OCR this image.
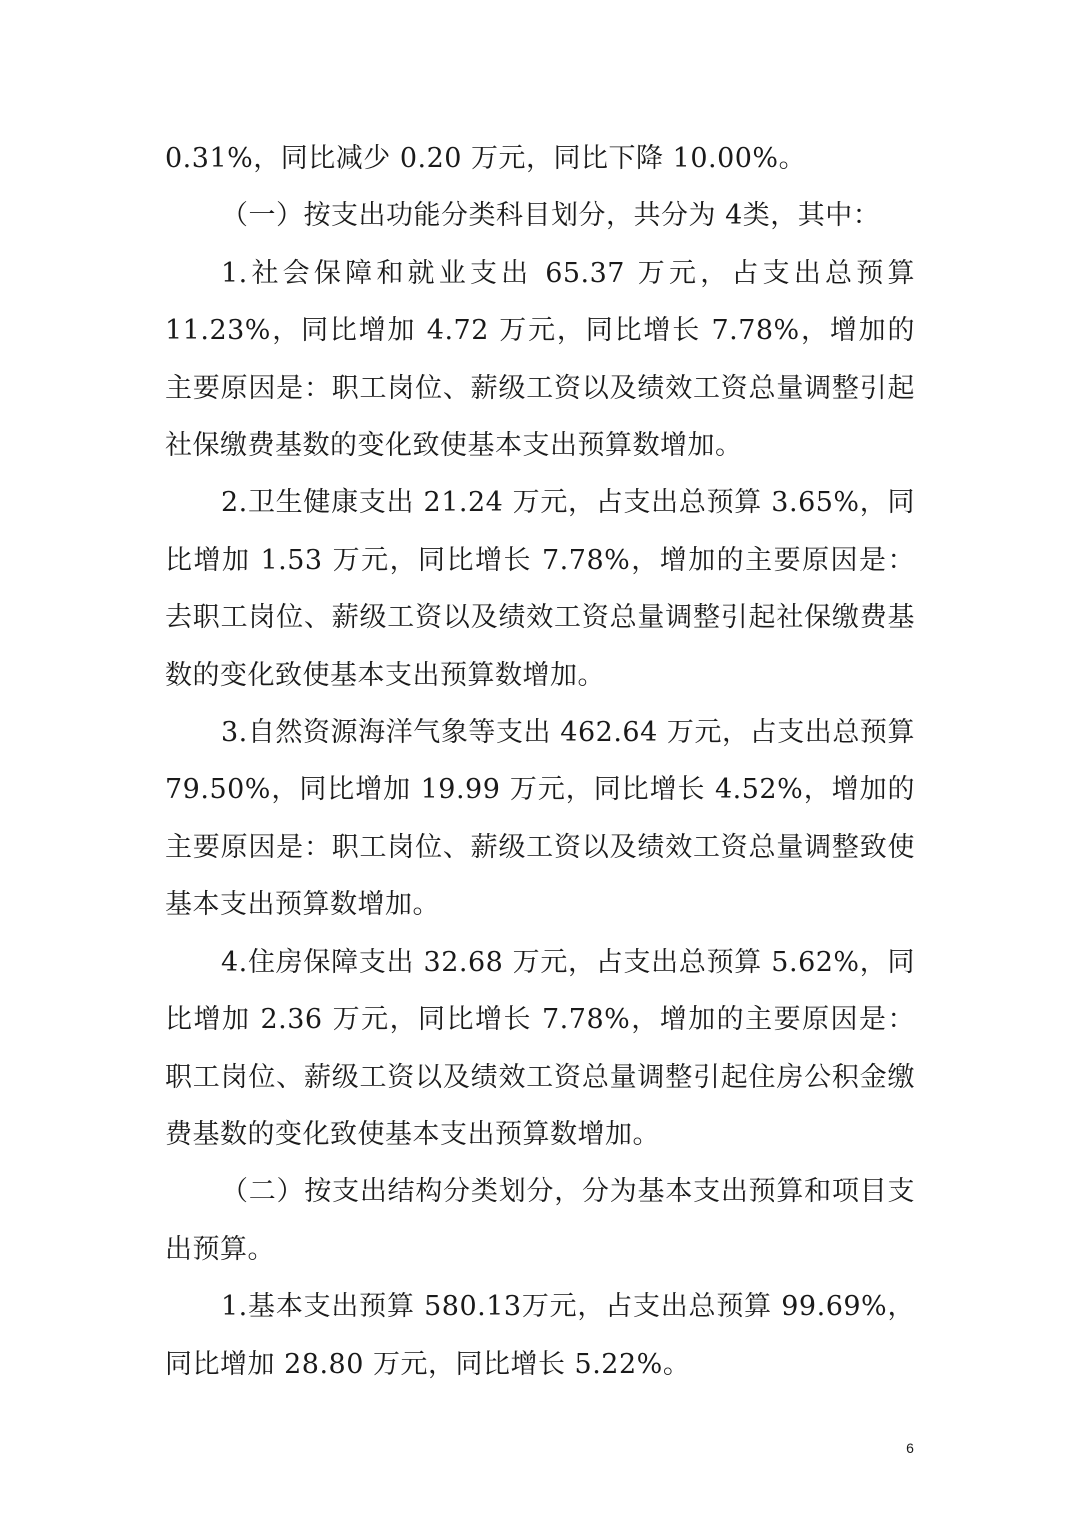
0.31%，同比减少 0.20 万元，同比下降 10.00%。

（一）按支出功能分类科目划分，共分为 4类，其中：

1.社会保障和就业支出 65.37 万元，占支出总预算 11.23%，同比增加 4.72 万元，同比增长 7.78%，增加的主要原因是：职工岗位、薪级工资以及绩效工资总量调整引起社保缴费基数的变化致使基本支出预算数增加。

2.卫生健康支出 21.24 万元，占支出总预算 3.65%，同比增加 1.53 万元，同比增长 7.78%，增加的主要原因是：去职工岗位、薪级工资以及绩效工资总量调整引起社保缴费基数的变化致使基本支出预算数增加。

3.自然资源海洋气象等支出 462.64 万元，占支出总预算 79.50%，同比增加 19.99 万元，同比增长 4.52%，增加的主要原因是：职工岗位、薪级工资以及绩效工资总量调整致使基本支出预算数增加。

4.住房保障支出 32.68 万元，占支出总预算 5.62%，同比增加 2.36 万元，同比增长 7.78%，增加的主要原因是：职工岗位、薪级工资以及绩效工资总量调整引起住房公积金缴费基数的变化致使基本支出预算数增加。

（二）按支出结构分类划分，分为基本支出预算和项目支出预算。

1.基本支出预算 580.13万元，占支出总预算 99.69%，同比增加 28.80 万元，同比增长 5.22%。

6
